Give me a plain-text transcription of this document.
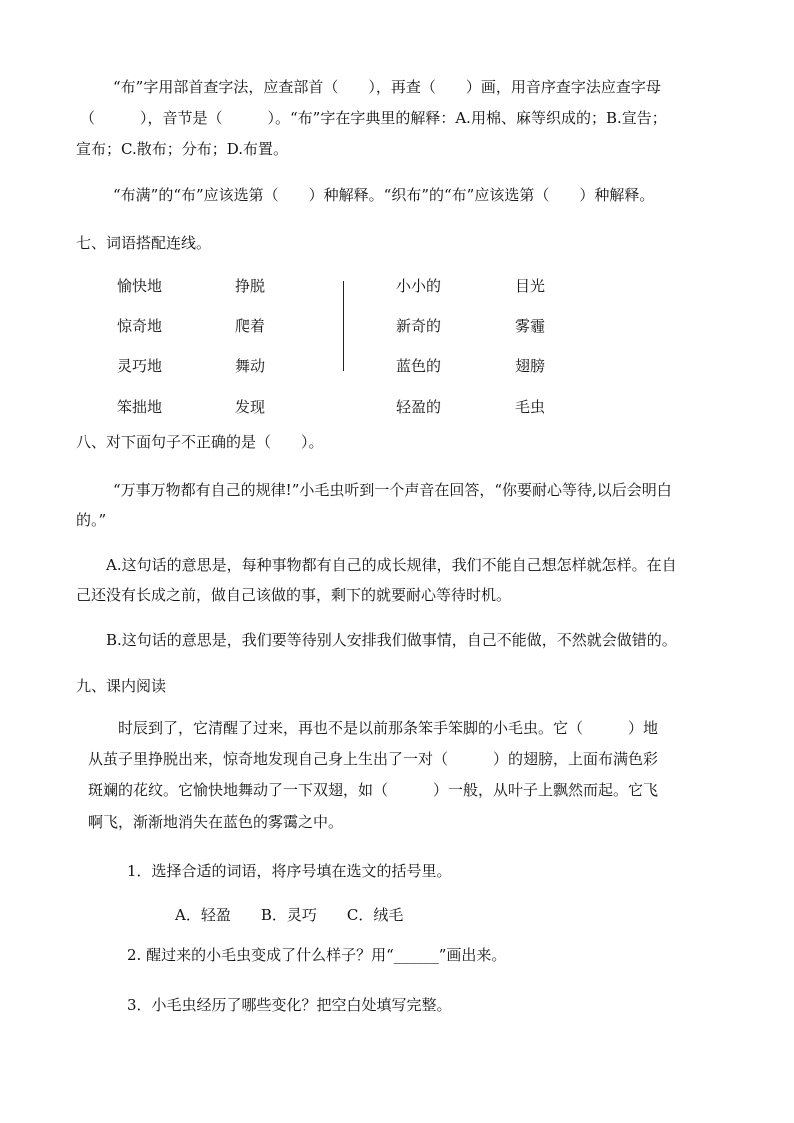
“布”字用部首查字法，应查部首（　　），再查（　　）画，用音序查字法应查字母
（　　　），音节是（　　　）。“布”字在字典里的解释：A.用棉、麻等织成的；B.宣告；
宣布；C.散布；分布；D.布置。
“布满”的“布”应该选第（　　）种解释。“织布”的“布”应该选第（　　）种解释。
七、词语搭配连线。
愉快地
惊奇地
灵巧地
笨拙地
挣脱
爬着
舞动
发现
小小的
新奇的
蓝色的
轻盈的
目光
雾霾
翅膀
毛虫
八、对下面句子不正确的是（　　）。
“万事万物都有自己的规律!”小毛虫听到一个声音在回答，“你要耐心等待,以后会明白
的。”
A.这句话的意思是，每种事物都有自己的成长规律，我们不能自己想怎样就怎样。在自
己还没有长成之前，做自己该做的事，剩下的就要耐心等待时机。
B.这句话的意思是，我们要等待别人安排我们做事情，自己不能做，不然就会做错的。
九、课内阅读
时辰到了，它清醒了过来，再也不是以前那条笨手笨脚的小毛虫。它（　　　）地
从茧子里挣脱出来，惊奇地发现自己身上生出了一对（　　　）的翅膀，上面布满色彩
斑斓的花纹。它愉快地舞动了一下双翅，如（　　　）一般，从叶子上飘然而起。它飞
啊飞，渐渐地消失在蓝色的雾霭之中。
1．选择合适的词语，将序号填在选文的括号里。
A．轻盈　　B．灵巧　　C．绒毛
2. 醒过来的小毛虫变成了什么样子？用“______”画出来。
3．小毛虫经历了哪些变化？把空白处填写完整。
